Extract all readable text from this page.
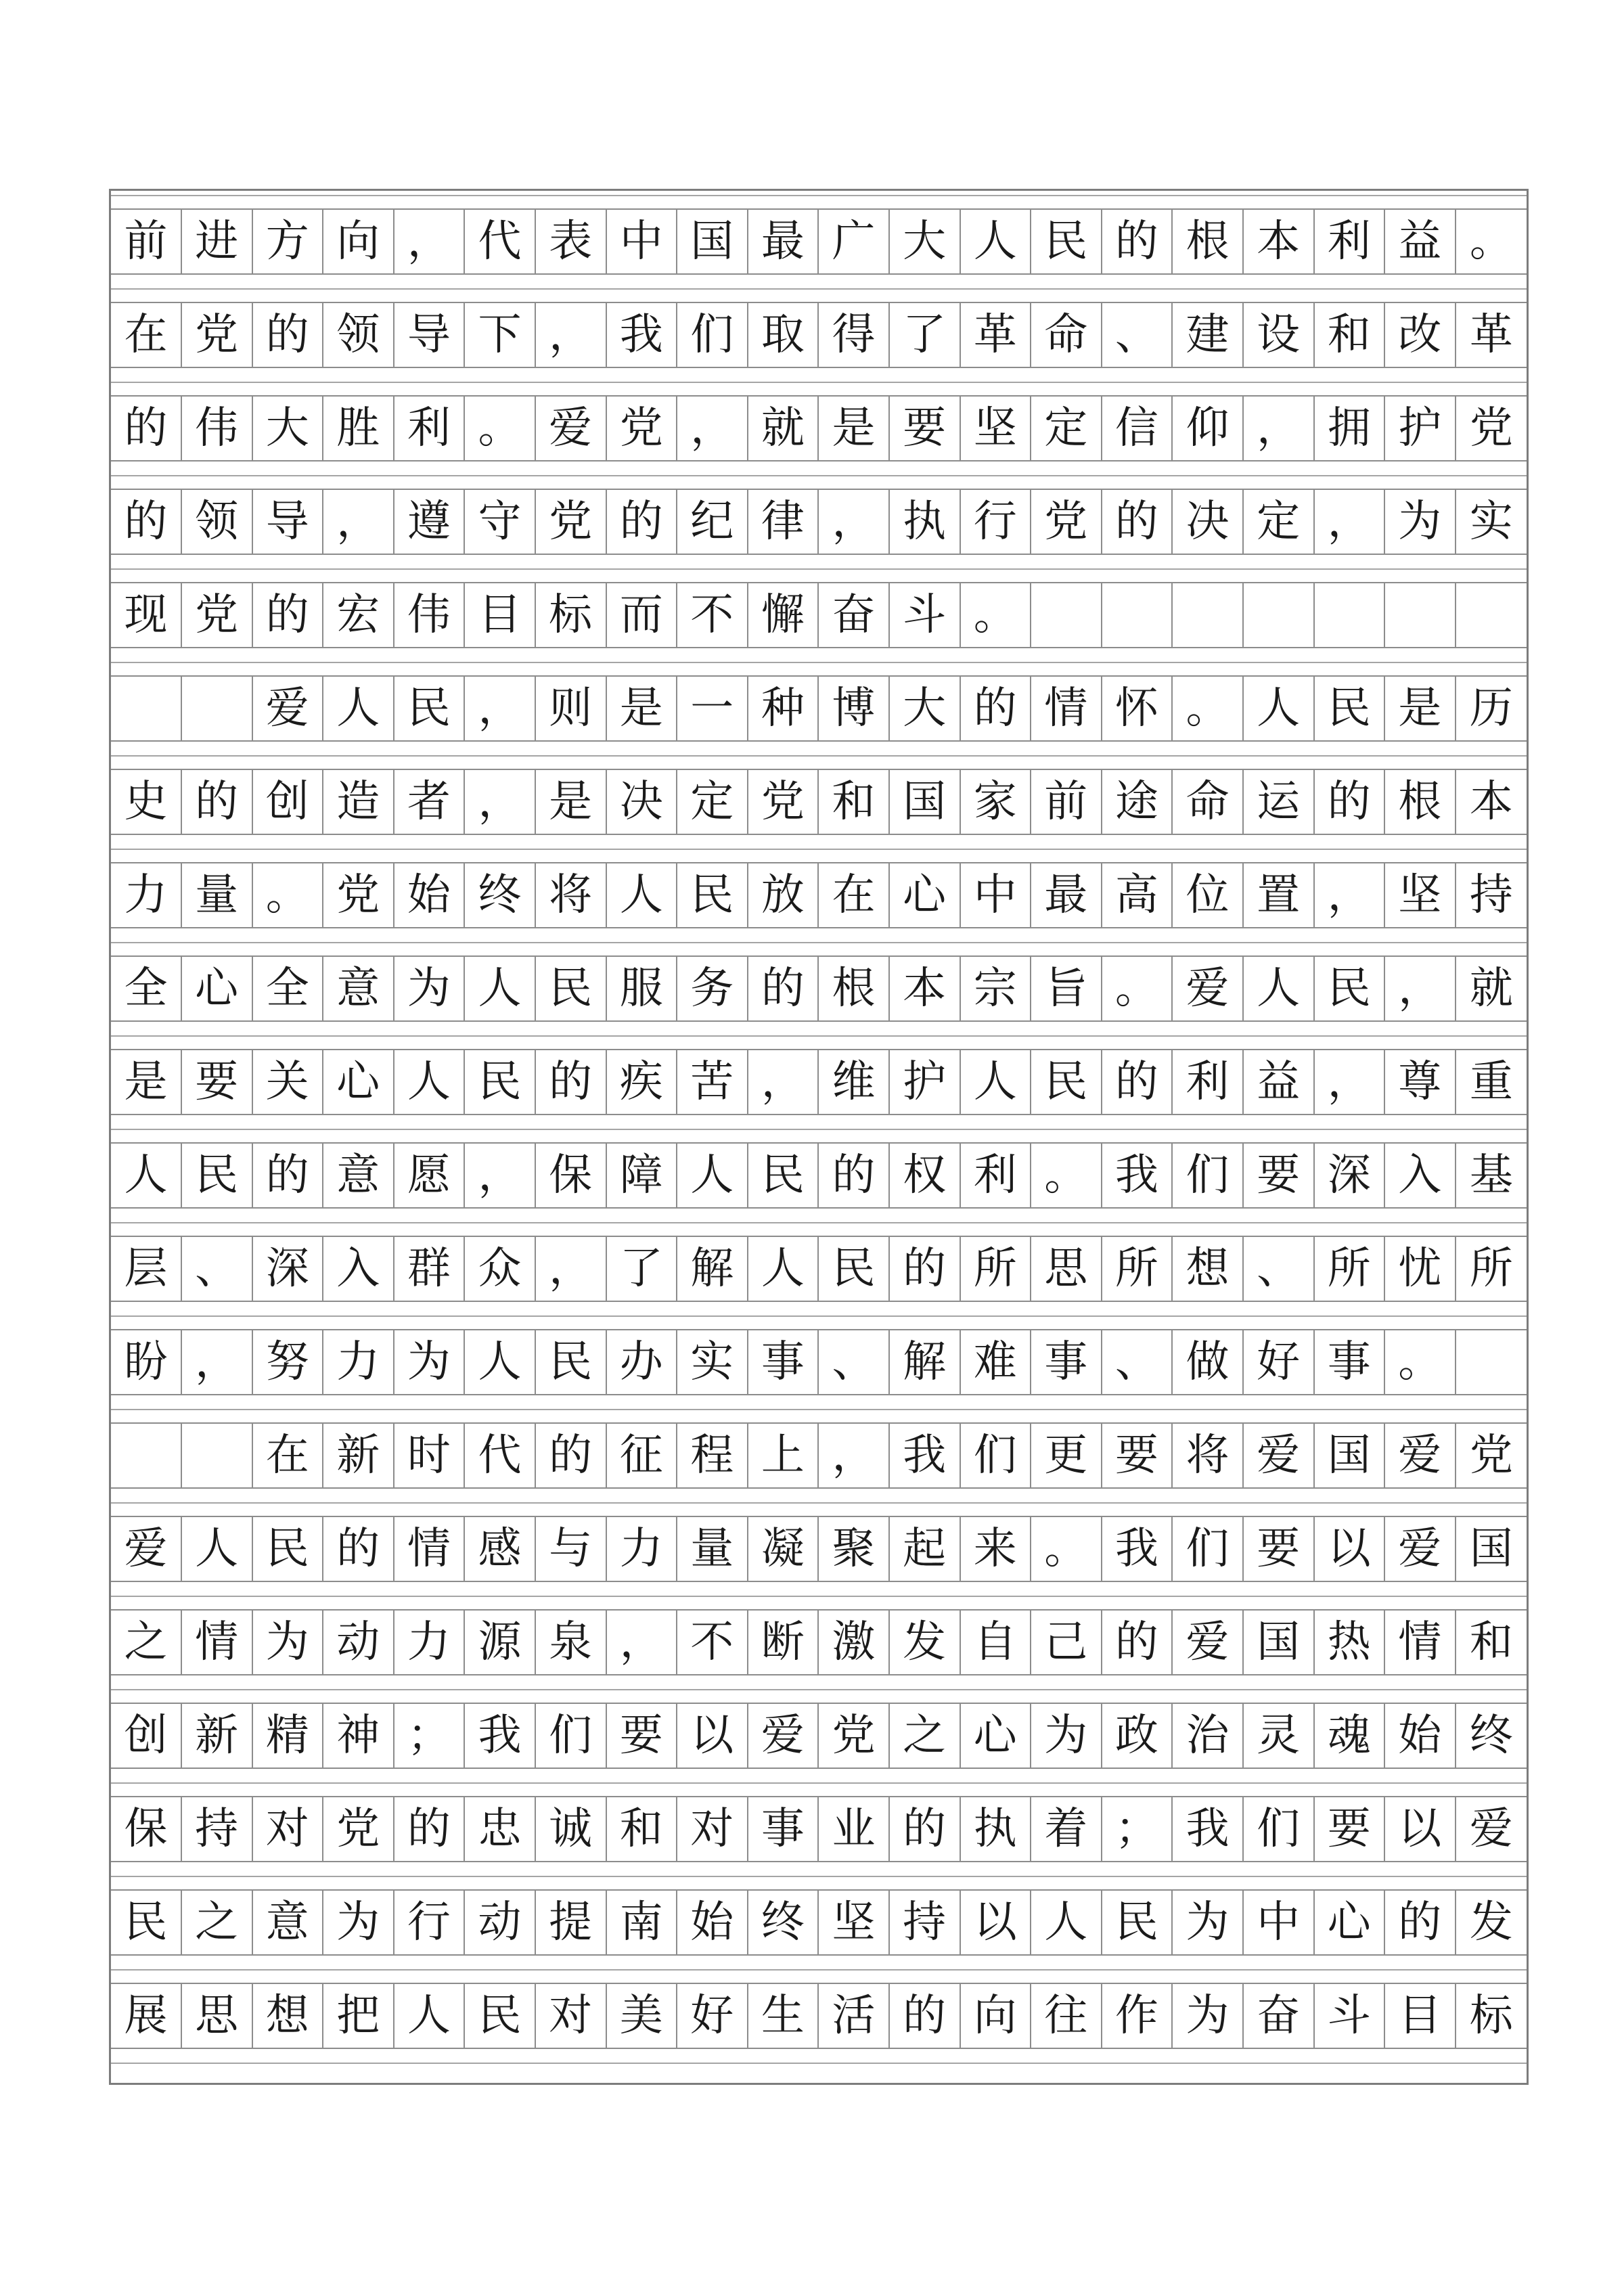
前 进 方 向 ， 代 表 中 国 最 广 大 人 民 的 根 本 利 益 。
在 党 的 领 导 下 ， 我 们 取 得 了 革 命 、 建 设 和 改 革
的 伟 大 胜 利 。 爱 党 ， 就 是 要 坚 定 信 仰 ， 拥 护 党
的 领 导 ， 遵 守 党 的 纪 律 ， 执 行 党 的 决 定 ， 为 实
现 党 的 宏 伟 目 标 而 不 懈 奋 斗 。
爱 人 民 ， 则 是 一 种 博 大 的 情 怀 。 人 民 是 历
史 的 创 造 者 ， 是 决 定 党 和 国 家 前 途 命 运 的 根 本
力 量 。 党 始 终 将 人 民 放 在 心 中 最 高 位 置 ， 坚 持
全 心 全 意 为 人 民 服 务 的 根 本 宗 旨 。 爱 人 民 ， 就
是 要 关 心 人 民 的 疾 苦 ， 维 护 人 民 的 利 益 ， 尊 重
人 民 的 意 愿 ， 保 障 人 民 的 权 利 。 我 们 要 深 入 基
层 、 深 入 群 众 ， 了 解 人 民 的 所 思 所 想 、 所 忧 所
盼 ， 努 力 为 人 民 办 实 事 、 解 难 事 、 做 好 事 。
在 新 时 代 的 征 程 上 ， 我 们 更 要 将 爱 国 爱 党
爱 人 民 的 情 感 与 力 量 凝 聚 起 来 。 我 们 要 以 爱 国
之 情 为 动 力 源 泉 ， 不 断 激 发 自 己 的 爱 国 热 情 和
创 新 精 神 ； 我 们 要 以 爱 党 之 心 为 政 治 灵 魂 始 终
保 持 对 党 的 忠 诚 和 对 事 业 的 执 着 ； 我 们 要 以 爱
民 之 意 为 行 动 提 南 始 终 坚 持 以 人 民 为 中 心 的 发
展 思 想 把 人 民 对 美 好 生 活 的 向 往 作 为 奋 斗 目 标
